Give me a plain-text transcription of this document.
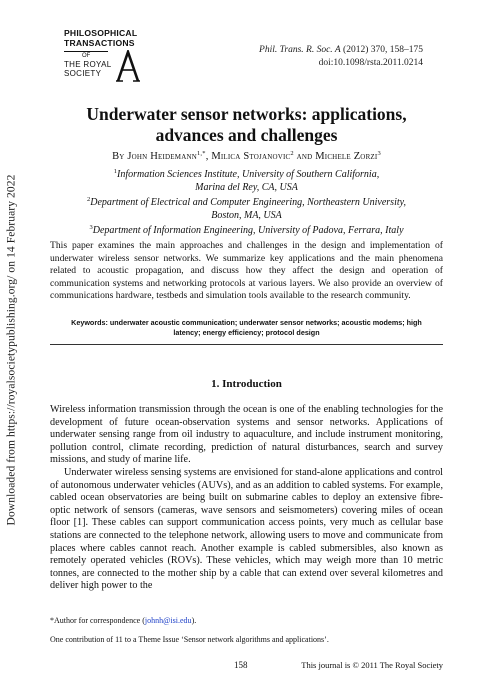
Downloaded from https://royalsocietypublishing.org/ on 14 February 2022
PHILOSOPHICAL
TRANSACTIONS
OF
THE ROYAL
SOCIETY
Phil. Trans. R. Soc. A (2012) 370, 158–175
doi:10.1098/rsta.2011.0214
Underwater sensor networks: applications,
advances and challenges
By John Heidemann$^{1,*}$, Milica Stojanovic$^2$ and Michele Zorzi$^3$
$^1$Information Sciences Institute, University of Southern California,
Marina del Rey, CA, USA
$^2$Department of Electrical and Computer Engineering, Northeastern University,
Boston, MA, USA
$^3$Department of Information Engineering, University of Padova, Ferrara, Italy
This paper examines the main approaches and challenges in the design and implementation of underwater wireless sensor networks. We summarize key applications and the main phenomena related to acoustic propagation, and discuss how they affect the design and operation of communication systems and networking protocols at various layers. We also provide an overview of communications hardware, testbeds and simulation tools available to the research community.
Keywords: underwater acoustic communication; underwater sensor networks; acoustic modems; high latency; energy efficiency; protocol design
1. Introduction

Wireless information transmission through the ocean is one of the enabling technologies for the development of future ocean-observation systems and sensor networks. Applications of underwater sensing range from oil industry to aquaculture, and include instrument monitoring, pollution control, climate recording, prediction of natural disturbances, search and survey missions, and study of marine life.

Underwater wireless sensing systems are envisioned for stand-alone applications and control of autonomous underwater vehicles (AUVs), and as an addition to cabled systems. For example, cabled ocean observatories are being built on submarine cables to deploy an extensive fibre-optic network of sensors (cameras, wave sensors and seismometers) covering miles of ocean floor [1]. These cables can support communication access points, very much as cellular base stations are connected to the telephone network, allowing users to move and communicate from places where cables cannot reach. Another example is cabled submersibles, also known as remotely operated vehicles (ROVs). These vehicles, which may weigh more than 10 metric tonnes, are connected to the mother ship by a cable that can extend over several kilometres and deliver high power to the

*Author for correspondence (johnh@isi.edu).

One contribution of 11 to a Theme Issue ‘Sensor network algorithms and applications’.

158	This journal is © 2011 The Royal Society
